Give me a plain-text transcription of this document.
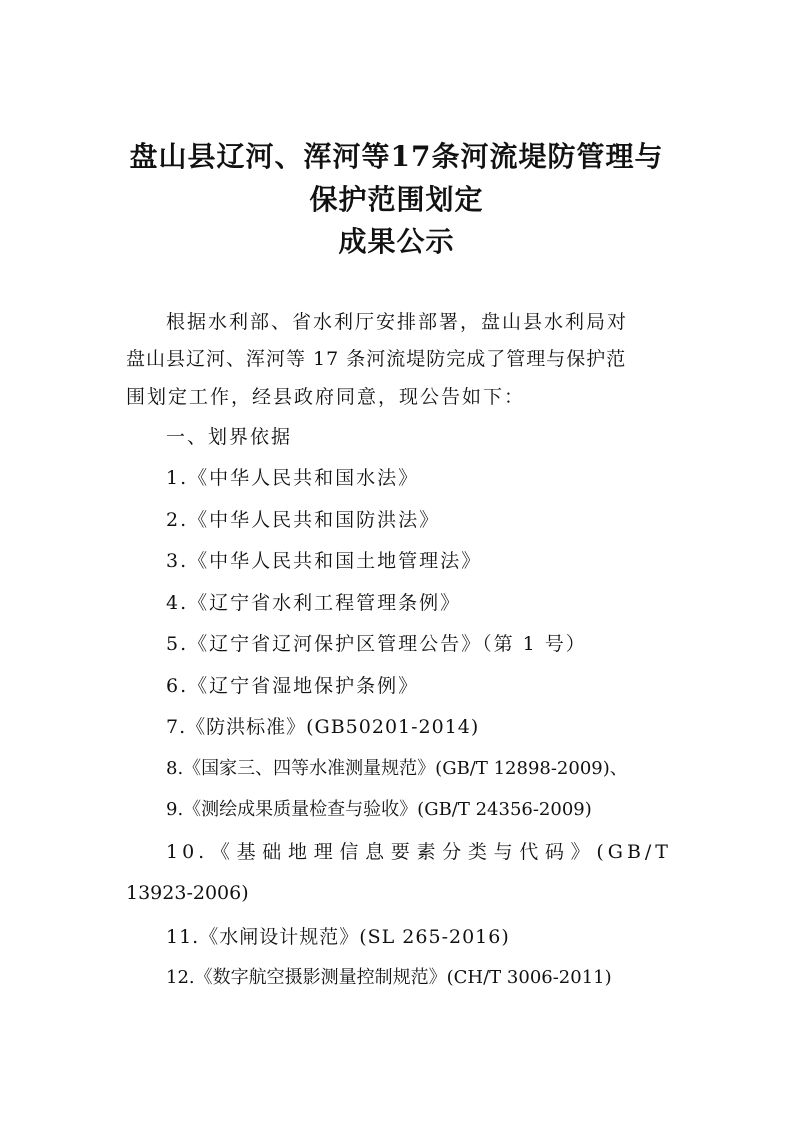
盘山县辽河、浑河等17条河流堤防管理与
保护范围划定
成果公示
根据水利部、省水利厅安排部署，盘山县水利局对
盘山县辽河、浑河等 17 条河流堤防完成了管理与保护范
围划定工作，经县政府同意，现公告如下：
一、划界依据
1.《中华人民共和国水法》
2.《中华人民共和国防洪法》
3.《中华人民共和国土地管理法》
4.《辽宁省水利工程管理条例》
5.《辽宁省辽河保护区管理公告》（第 1 号）
6.《辽宁省湿地保护条例》
7.《防洪标准》(GB50201-2014)
8.《国家三、四等水准测量规范》(GB/T 12898-2009)、
9.《测绘成果质量检查与验收》(GB/T 24356-2009)
10.《基础地理信息要素分类与代码》(GB/T
13923-2006)
11.《水闸设计规范》(SL 265-2016)
12.《数字航空摄影测量控制规范》(CH/T 3006-2011)
